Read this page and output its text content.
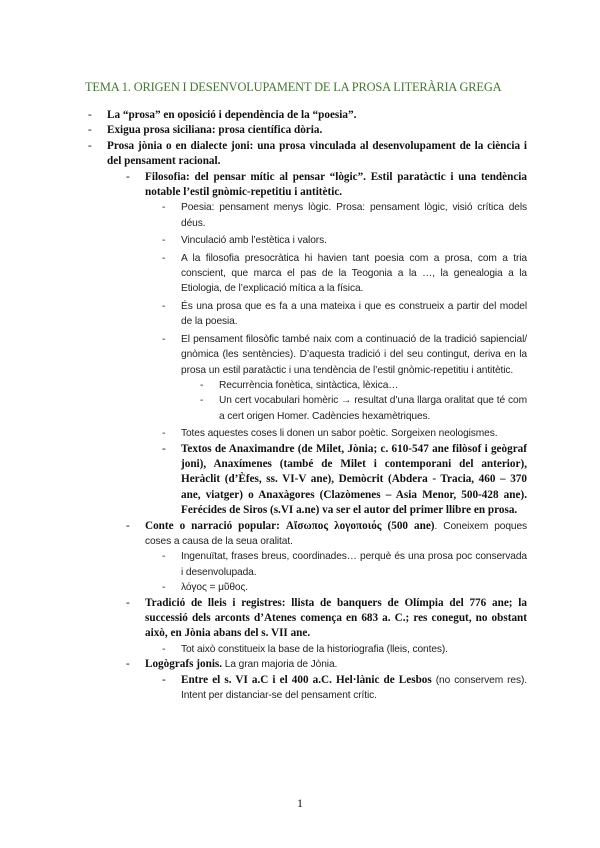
TEMA 1. ORIGEN I DESENVOLUPAMENT DE LA PROSA LITERÀRIA GREGA
- La “prosa” en oposició i dependència de la “poesia”.
- Exigua prosa siciliana: prosa científica dòria.
- Prosa jònia o en dialecte joni: una prosa vinculada al desenvolupament de la ciència i del pensament racional.
- Filosofia: del pensar mític al pensar “lògic”. Estil paratàctic i una tendència notable l’estil gnòmic-repetitiu i antitètic.
- Poesia: pensament menys lògic. Prosa: pensament lògic, visió crítica dels déus.
- Vinculació amb l’estètica i valors.
- A la filosofia presocràtica hi havien tant poesia com a prosa, com a tria conscient, que marca el pas de la Teogonia a la …, la genealogia a la Etiologia, de l’explicació mítica a la física.
- És una prosa que es fa a una mateixa i que es construeix a partir del model de la poesia.
- El pensament filosòfic també naix com a continuació de la tradició sapiencial/ gnòmica (les sentències). D’aquesta tradició i del seu contingut, deriva en la prosa un estil paratàctic i una tendència de l’estil gnòmic-repetitiu i antitètic.
- Recurrència fonètica, sintàctica, lèxica…
- Un cert vocabulari homèric → resultat d’una llarga oralitat que té com a cert origen Homer. Cadències hexamètriques.
- Totes aquestes coses li donen un sabor poètic. Sorgeixen neologismes.
- Textos de Anaximandre (de Milet, Jònia; c. 610-547 ane filòsof i geògraf joni), Anaxímenes (també de Milet i contemporani del anterior), Heràclit (d’Èfes, ss. VI-V ane), Demòcrit (Abdera - Tracia, 460 – 370 ane, viatger) o Anaxàgores (Clazòmenes – Asia Menor, 500-428 ane). Ferécides de Siros (s.VI a.ne) va ser el autor del primer llibre en prosa.
- Conte o narració popular: Αἴσωπος λογοποιός (500 ane). Coneixem poques coses a causa de la seua oralitat.
- Ingenuïtat, frases breus, coordinades… perquè és una prosa poc conservada i desenvolupada.
- λόγος = μῦθος.
- Tradició de lleis i registres: llista de banquers de Olímpia del 776 ane; la successió dels arconts d’Atenes comença en 683 a. C.; res conegut, no obstant això, en Jònia abans del s. VII ane.
- Tot això constitueix la base de la historiografia (lleis, contes).
- Logògrafs jonis. La gran majoria de Jònia.
- Entre el s. VI a.C i el 400 a.C. Hel·lànic de Lesbos (no conservem res). Intent per distanciar-se del pensament crític.
1
